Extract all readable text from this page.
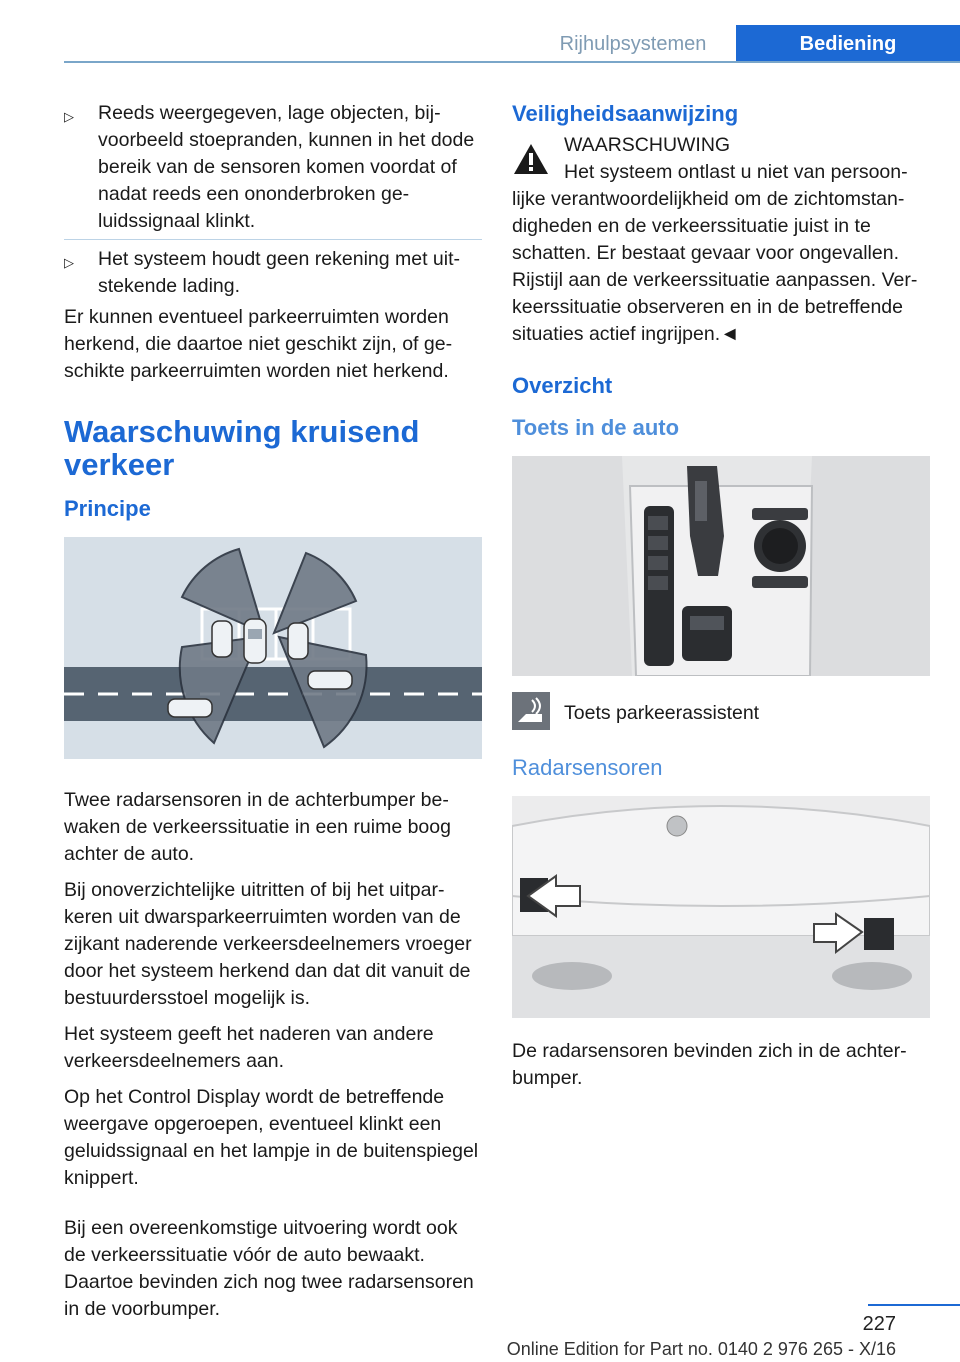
Rijhulpsystemen	Bediening
▷ Reeds weergegeven, lage objecten, bijvoorbeeld stoepranden, kunnen in het dode bereik van de sensoren komen voordat of nadat reeds een ononderbroken geluidssignaal klinkt.
▷ Het systeem houdt geen rekening met uitstekende lading.

Er kunnen eventueel parkeerruimten worden herkend, die daartoe niet geschikt zijn, of geschikte parkeerruimten worden niet herkend.

Waarschuwing kruisend verkeer
Principe

Twee radarsensoren in de achterbumper bewaken de verkeerssituatie in een ruime boog achter de auto.

Bij onoverzichtelijke uitritten of bij het uitparkeren uit dwarsparkeerruimten worden van de zijkant naderende verkeersdeelnemers vroeger door het systeem herkend dan dat dit vanuit de bestuurdersstoel mogelijk is.

Het systeem geeft het naderen van andere verkeersdeelnemers aan.

Op het Control Display wordt de betreffende weergave opgeroepen, eventueel klinkt een geluidssignaal en het lampje in de buitenspiegel knippert.

Bij een overeenkomstige uitvoering wordt ook de verkeerssituatie vóór de auto bewaakt. Daartoe bevinden zich nog twee radarsensoren in de voorbumper.

Veiligheidsaanwijzing

WAARSCHUWING

Het systeem ontlast u niet van persoonlijke verantwoordelijkheid om de zichtomstandigheden en de verkeerssituatie juist in te schatten. Er bestaat gevaar voor ongevallen. Rijstijl aan de verkeerssituatie aanpassen. Verkeerssituatie observeren en in de betreffende situaties actief ingrijpen.◄

Overzicht
Toets in de auto

Toets parkeerassistent

Radarsensoren

De radarsensoren bevinden zich in de achterbumper.

227
Online Edition for Part no. 0140 2 976 265 - X/16
